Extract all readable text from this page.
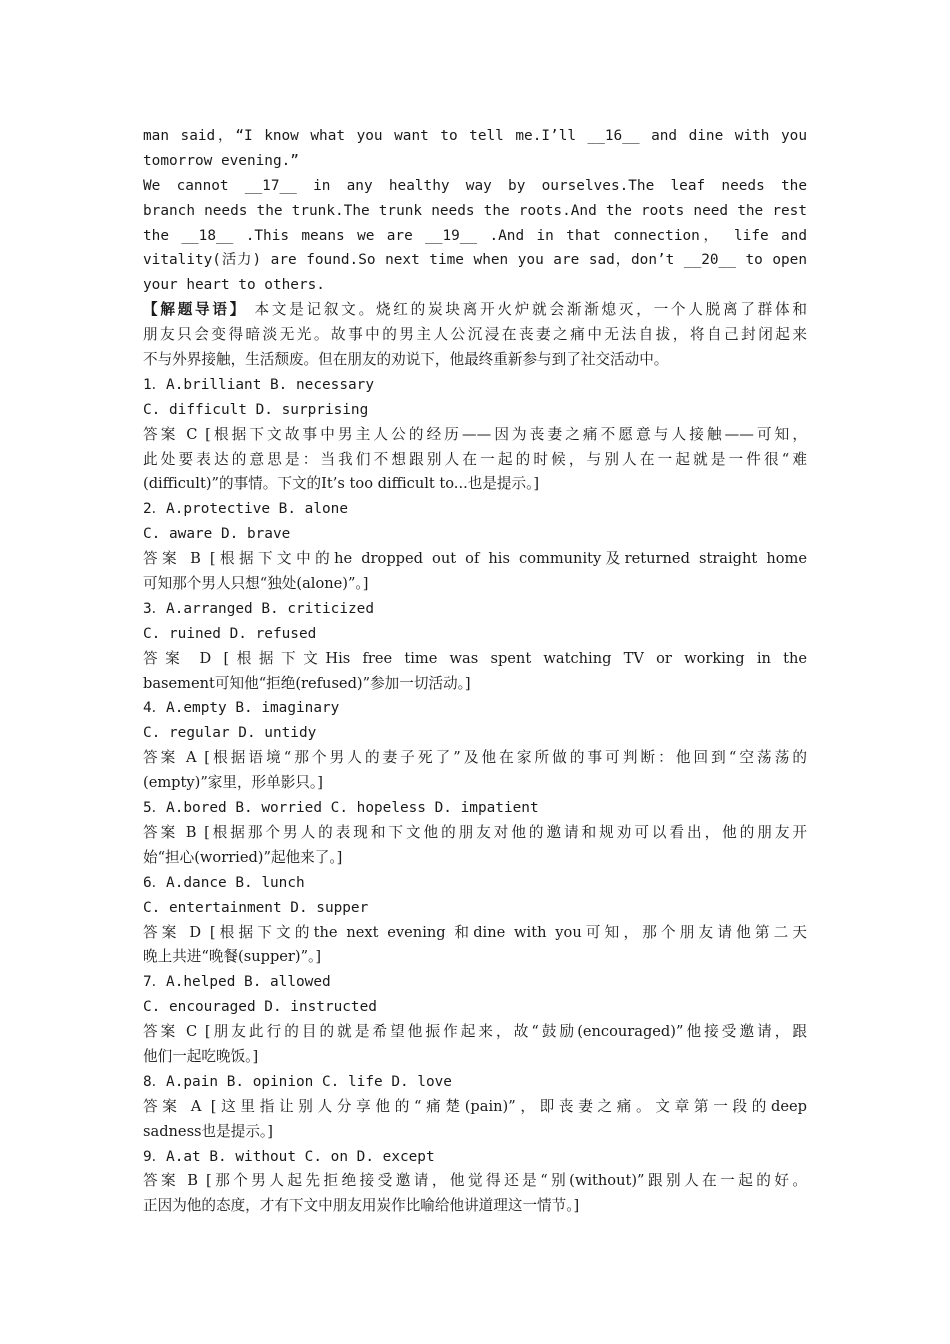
man said，“I know what you want to tell me.I’ll __16__ and dine with you
tomorrow evening.”
We cannot __17__ in any healthy way by ourselves.The leaf needs the
branch needs the trunk.The trunk needs the roots.And the roots need the rest
the __18__ .This means we are __19__ .And in that connection， life and
vitality(活力) are found.So next time when you are sad，don’t __20__ to open
your heart to others.
【解题导语】 本文是记叙文。烧红的炭块离开火炉就会渐渐熄灭，一个人脱离了群体和
朋友只会变得暗淡无光。故事中的男主人公沉浸在丧妻之痛中无法自拔，将自己封闭起来
不与外界接触，生活颓废。但在朋友的劝说下，他最终重新参与到了社交活动中。
1．A.brilliant B. necessary
C. difficult D. surprising
答案 C [根据下文故事中男主人公的经历——因为丧妻之痛不愿意与人接触——可知，
此处要表达的意思是：当我们不想跟别人在一起的时候，与别人在一起就是一件很“难
(difficult)”的事情。下文的It’s too difficult to...也是提示。]
2．A.protective B. alone
C. aware D. brave
答案 B [根据下文中的he dropped out of his community及returned straight home
可知那个男人只想“独处(alone)”。]
3．A.arranged B. criticized
C. ruined D. refused
答案 D [根据下文His free time was spent watching TV or working in the
basement可知他“拒绝(refused)”参加一切活动。]
4．A.empty B. imaginary
C. regular D. untidy
答案 A [根据语境“那个男人的妻子死了”及他在家所做的事可判断：他回到“空荡荡的
(empty)”家里，形单影只。]
5．A.bored B. worried C. hopeless D. impatient
答案 B [根据那个男人的表现和下文他的朋友对他的邀请和规劝可以看出，他的朋友开
始“担心(worried)”起他来了。]
6．A.dance B. lunch
C. entertainment D. supper
答案 D [根据下文的the next evening 和dine with you可知，那个朋友请他第二天
晚上共进“晚餐(supper)”。]
7．A.helped B. allowed
C. encouraged D. instructed
答案 C [朋友此行的目的就是希望他振作起来，故“鼓励(encouraged)”他接受邀请，跟
他们一起吃晚饭。]
8．A.pain B. opinion C. life D. love
答案 A [这里指让别人分享他的“痛楚(pain)”，即丧妻之痛。文章第一段的deep
sadness也是提示。]
9．A.at B. without C. on D. except
答案 B [那个男人起先拒绝接受邀请，他觉得还是“别(without)”跟别人在一起的好。
正因为他的态度，才有下文中朋友用炭作比喻给他讲道理这一情节。]
